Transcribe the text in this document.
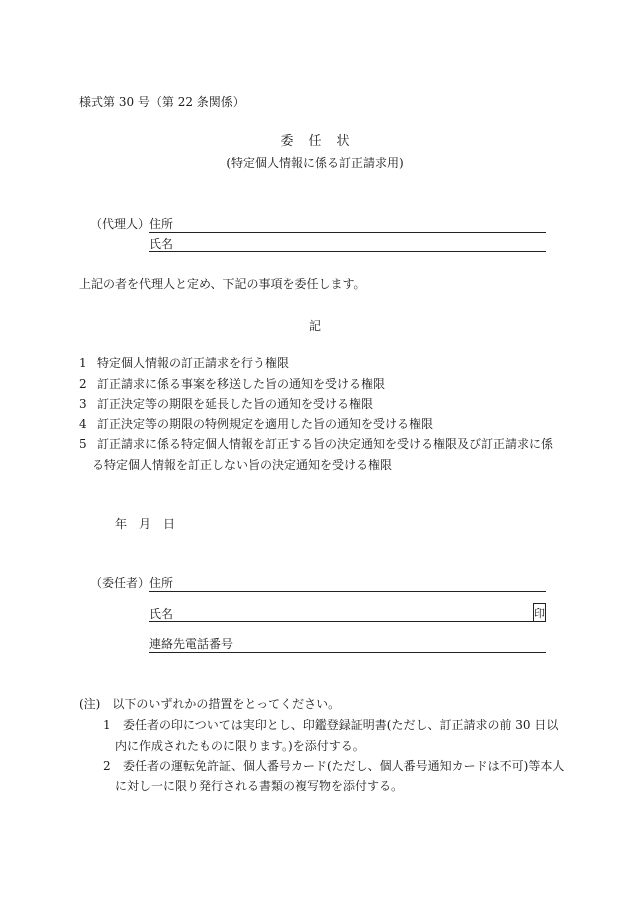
様式第 30 号（第 22 条関係）
委 任 状
(特定個人情報に係る訂正請求用)
（代理人）
住所
氏名
上記の者を代理人と定め、下記の事項を委任します。
記
1 特定個人情報の訂正請求を行う権限
2 訂正請求に係る事案を移送した旨の通知を受ける権限
3 訂正決定等の期限を延長した旨の通知を受ける権限
4 訂正決定等の期限の特例規定を適用した旨の通知を受ける権限
5 訂正請求に係る特定個人情報を訂正する旨の決定通知を受ける権限及び訂正請求に係
る特定個人情報を訂正しない旨の決定通知を受ける権限
年 月 日
（委任者）
住所
氏名	印
連絡先電話番号
(注)　以下のいずれかの措置をとってください。
1 委任者の印については実印とし、印鑑登録証明書(ただし、訂正請求の前 30 日以
内に作成されたものに限ります。)を添付する。
2 委任者の運転免許証、個人番号カード(ただし、個人番号通知カードは不可)等本人
に対し一に限り発行される書類の複写物を添付する。
